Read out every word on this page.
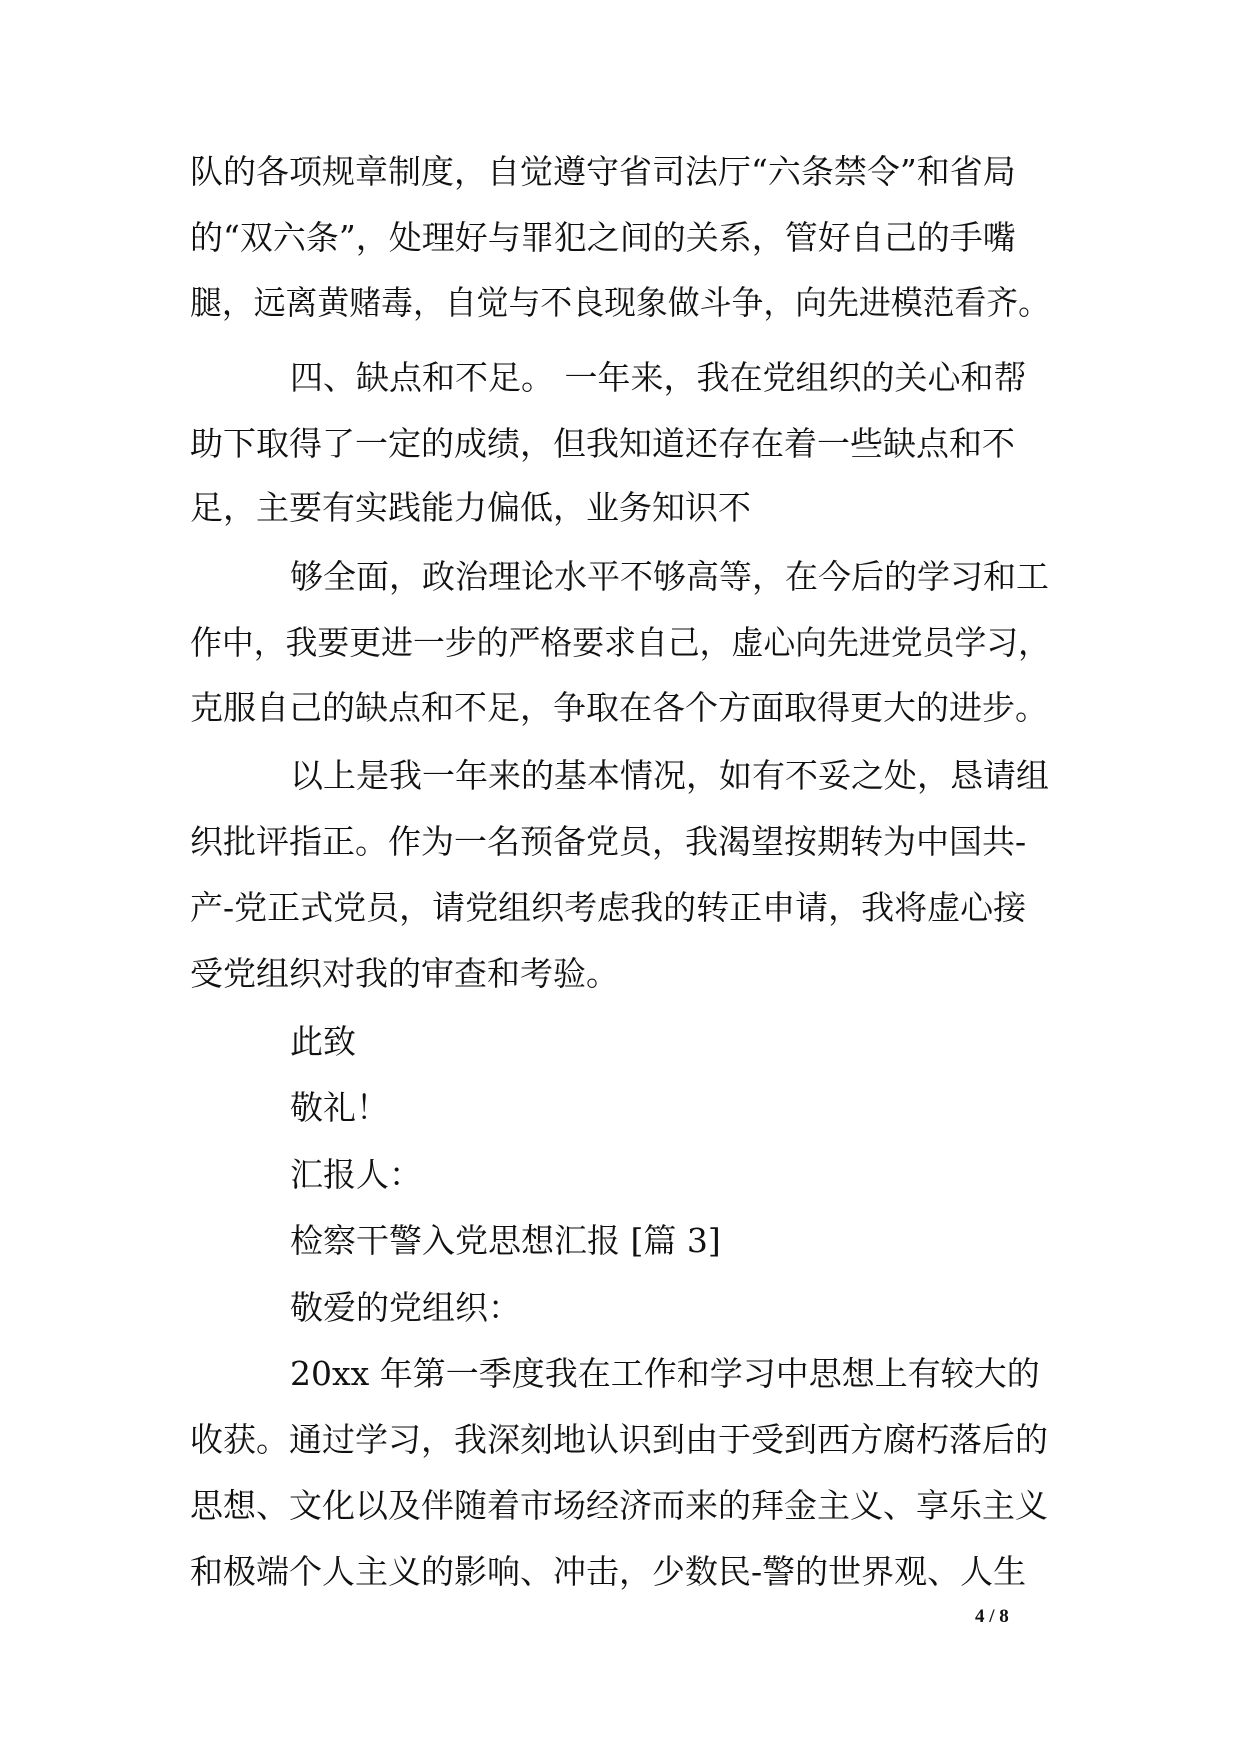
队的各项规章制度，自觉遵守省司法厅“六条禁令”和省局
的“双六条”，处理好与罪犯之间的关系，管好自己的手嘴
腿，远离黄赌毒，自觉与不良现象做斗争，向先进模范看齐。
四、缺点和不足。 一年来，我在党组织的关心和帮
助下取得了一定的成绩，但我知道还存在着一些缺点和不
足，主要有实践能力偏低，业务知识不
够全面，政治理论水平不够高等，在今后的学习和工
作中，我要更进一步的严格要求自己，虚心向先进党员学习，
克服自己的缺点和不足，争取在各个方面取得更大的进步。
以上是我一年来的基本情况，如有不妥之处，恳请组
织批评指正。作为一名预备党员，我渴望按期转为中国共-
产-党正式党员，请党组织考虑我的转正申请，我将虚心接
受党组织对我的审查和考验。
此致
敬礼！
汇报人：
检察干警入党思想汇报 [篇 3]
敬爱的党组织：
20xx 年第一季度我在工作和学习中思想上有较大的
收获。通过学习，我深刻地认识到由于受到西方腐朽落后的
思想、文化以及伴随着市场经济而来的拜金主义、享乐主义
和极端个人主义的影响、冲击，少数民-警的世界观、人生
4 / 8
